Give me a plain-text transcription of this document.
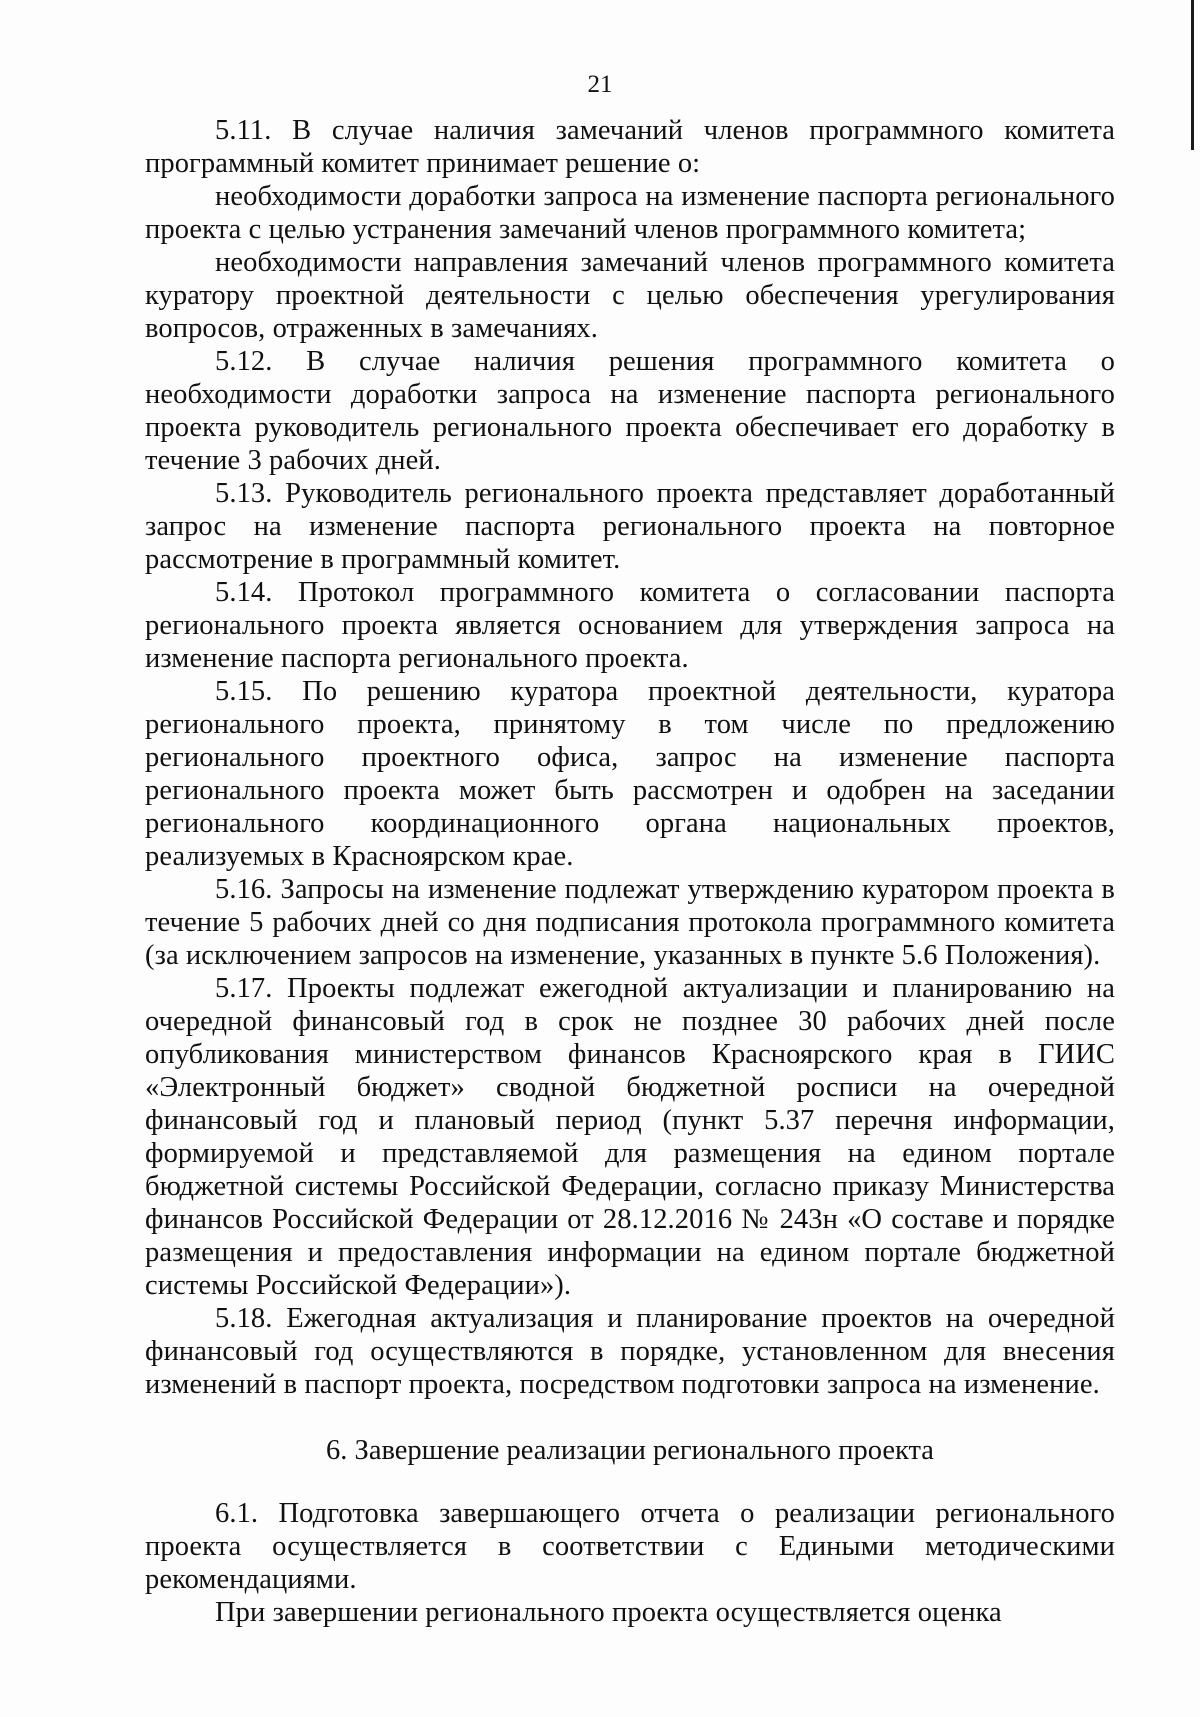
21

5.11. В случае наличия замечаний членов программного комитета программный комитет принимает решение о:

необходимости доработки запроса на изменение паспорта регионального проекта с целью устранения замечаний членов программного комитета;

необходимости направления замечаний членов программного комитета куратору проектной деятельности с целью обеспечения урегулирования вопросов, отраженных в замечаниях.

5.12. В случае наличия решения программного комитета о необходимости доработки запроса на изменение паспорта регионального проекта руководитель регионального проекта обеспечивает его доработку в течение 3 рабочих дней.

5.13. Руководитель регионального проекта представляет доработанный запрос на изменение паспорта регионального проекта на повторное рассмотрение в программный комитет.

5.14. Протокол программного комитета о согласовании паспорта регионального проекта является основанием для утверждения запроса на изменение паспорта регионального проекта.

5.15. По решению куратора проектной деятельности, куратора регионального проекта, принятому в том числе по предложению регионального проектного офиса, запрос на изменение паспорта регионального проекта может быть рассмотрен и одобрен на заседании регионального координационного органа национальных проектов, реализуемых в Красноярском крае.

5.16. Запросы на изменение подлежат утверждению куратором проекта в течение 5 рабочих дней со дня подписания протокола программного комитета (за исключением запросов на изменение, указанных в пункте 5.6 Положения).

5.17. Проекты подлежат ежегодной актуализации и планированию на очередной финансовый год в срок не позднее 30 рабочих дней после опубликования министерством финансов Красноярского края в ГИИС «Электронный бюджет» сводной бюджетной росписи на очередной финансовый год и плановый период (пункт 5.37 перечня информации, формируемой и представляемой для размещения на едином портале бюджетной системы Российской Федерации, согласно приказу Министерства финансов Российской Федерации от 28.12.2016 № 243н «О составе и порядке размещения и предоставления информации на едином портале бюджетной системы Российской Федерации»).

5.18. Ежегодная актуализация и планирование проектов на очередной финансовый год осуществляются в порядке, установленном для внесения изменений в паспорт проекта, посредством подготовки запроса на изменение.

6. Завершение реализации регионального проекта

6.1. Подготовка завершающего отчета о реализации регионального проекта осуществляется в соответствии с Едиными методическими рекомендациями.

При завершении регионального проекта осуществляется оценка
